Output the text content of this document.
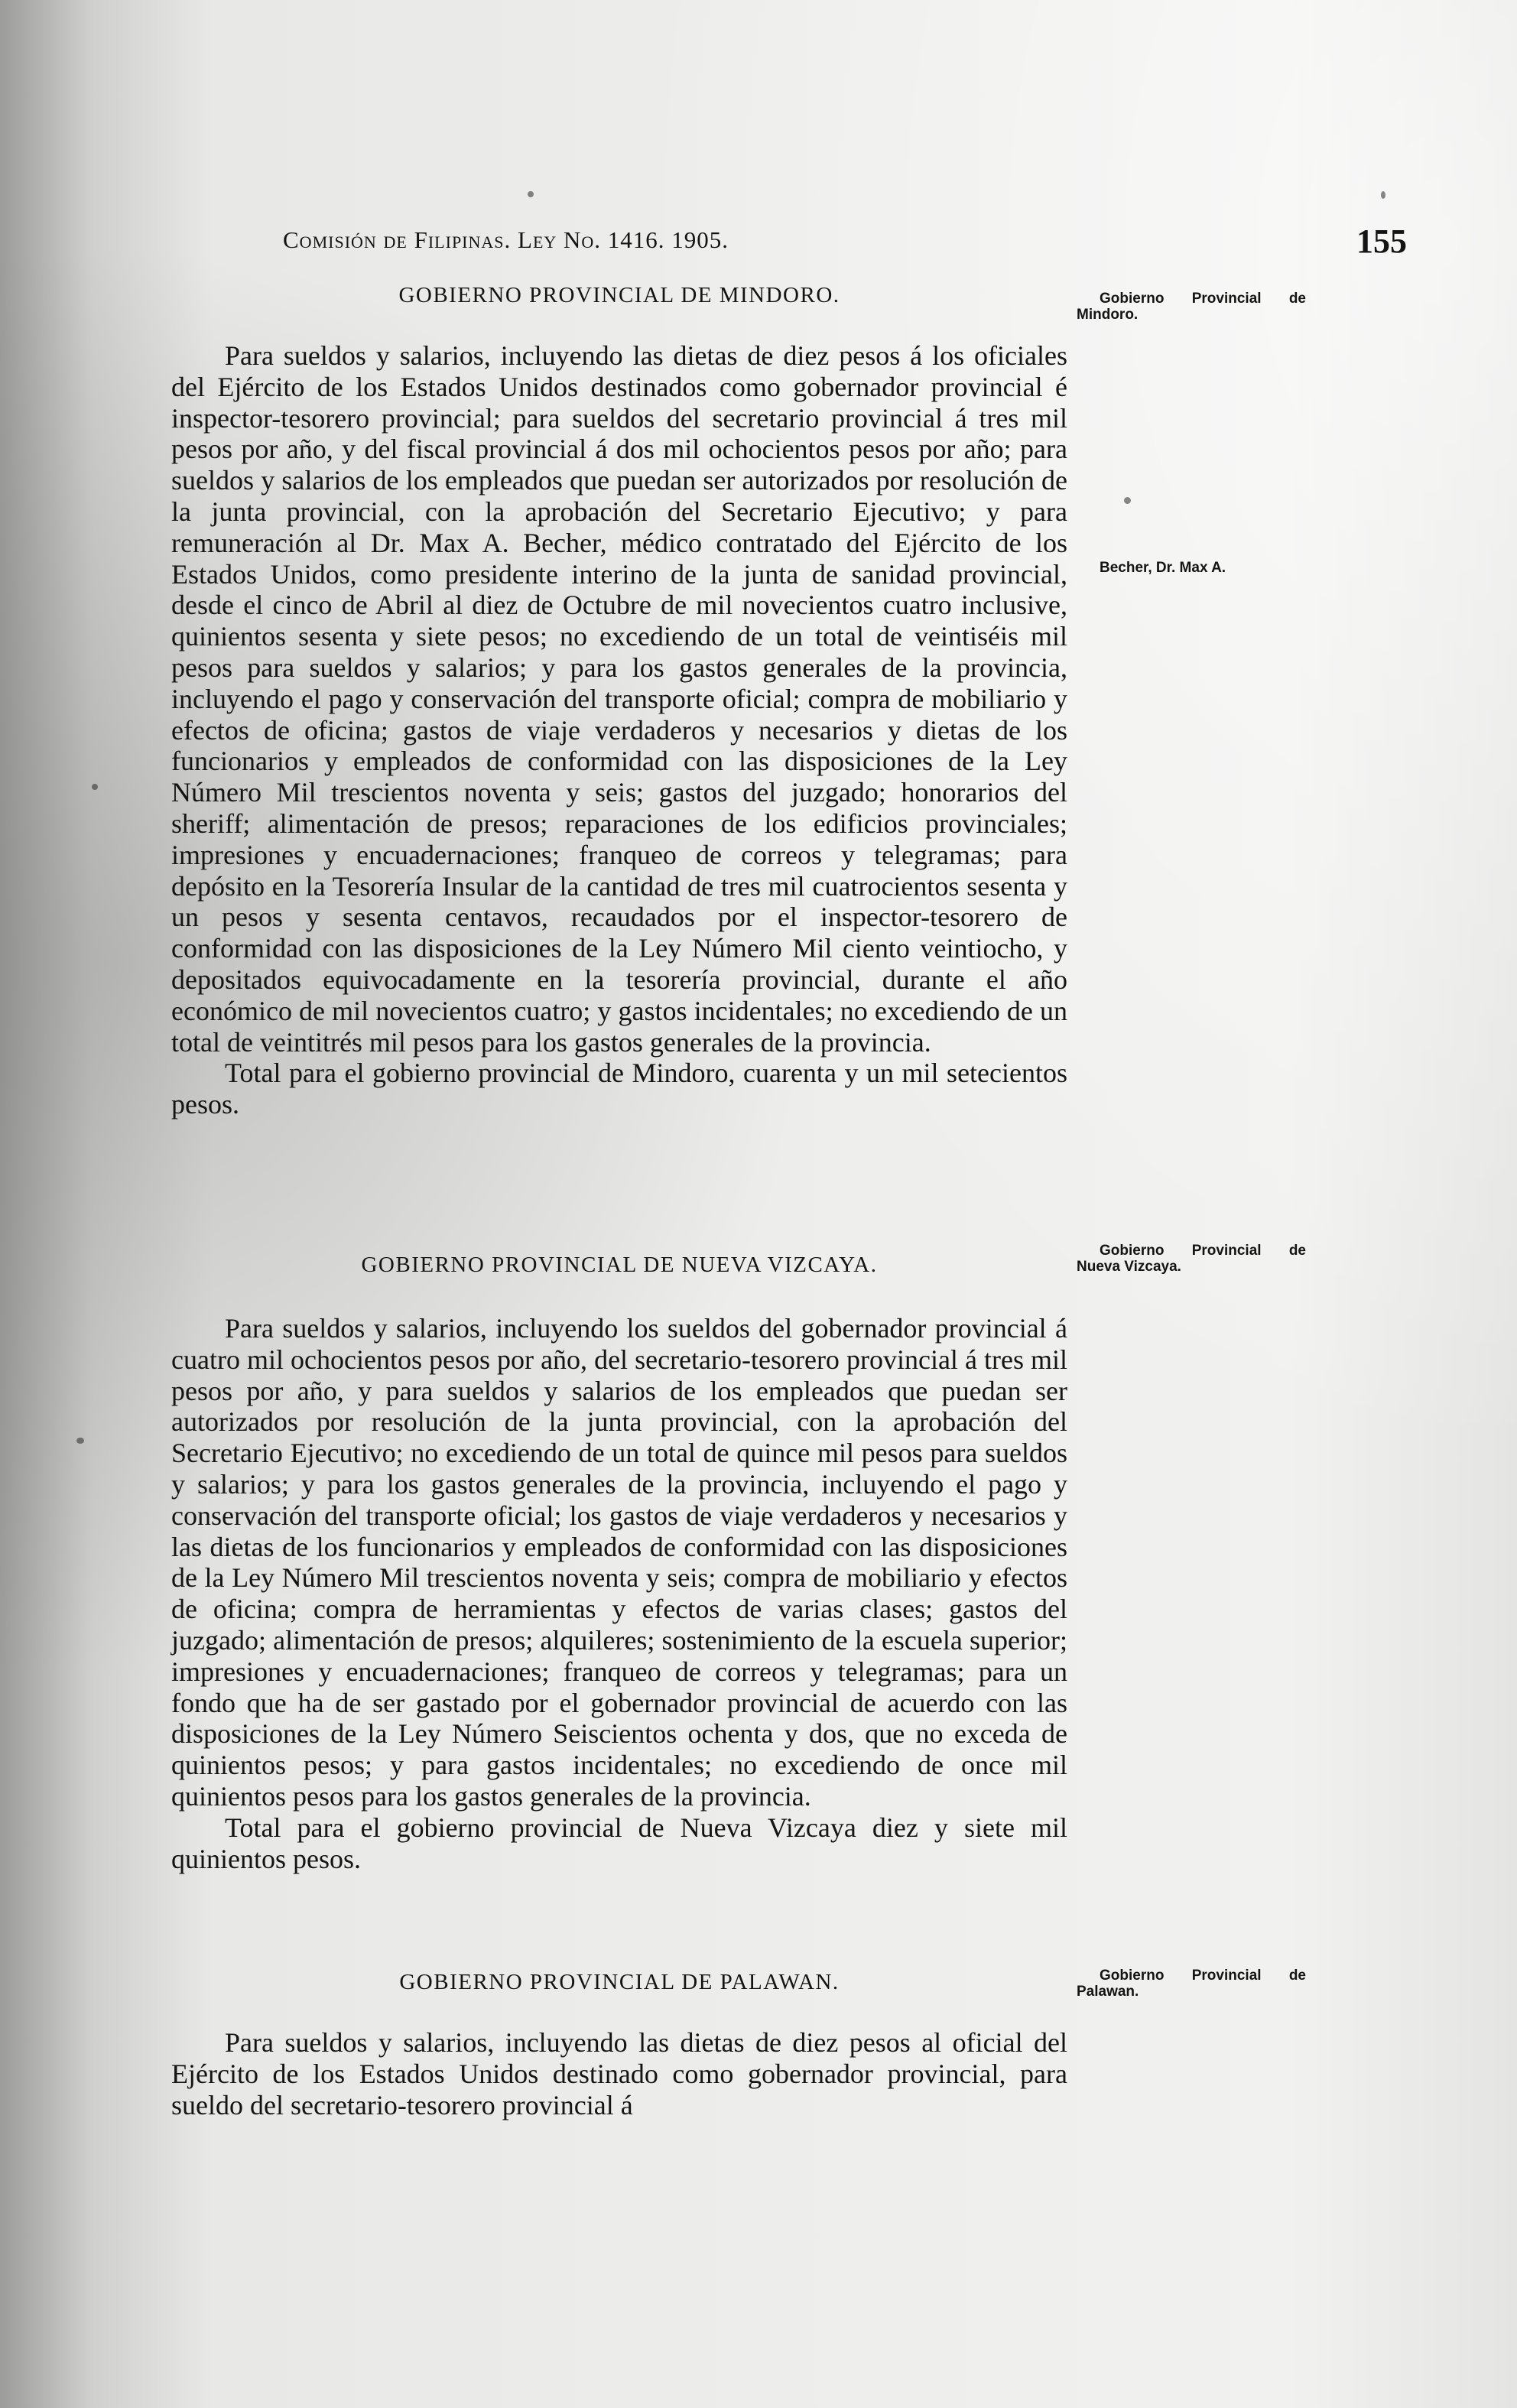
Comisión de Filipinas. Ley No. 1416. 1905.	155
GOBIERNO PROVINCIAL DE MINDORO.

Para sueldos y salarios, incluyendo las dietas de diez pesos á los oficiales del Ejército de los Estados Unidos destinados como gobernador provincial é inspector-tesorero provincial; para sueldos del secretario provincial á tres mil pesos por año, y del fiscal provincial á dos mil ochocientos pesos por año; para sueldos y salarios de los empleados que puedan ser autorizados por resolución de la junta provincial, con la aprobación del Secretario Ejecutivo; y para remuneración al Dr. Max A. Becher, médico contratado del Ejército de los Estados Unidos, como presidente interino de la junta de sanidad provincial, desde el cinco de Abril al diez de Octubre de mil novecientos cuatro inclusive, quinientos sesenta y siete pesos; no excediendo de un total de veintiséis mil pesos para sueldos y salarios; y para los gastos generales de la provincia, incluyendo el pago y conservación del transporte oficial; compra de mobiliario y efectos de oficina; gastos de viaje verdaderos y necesarios y dietas de los funcionarios y empleados de conformidad con las disposiciones de la Ley Número Mil trescientos noventa y seis; gastos del juzgado; honorarios del sheriff; alimentación de presos; reparaciones de los edificios provinciales; impresiones y encuadernaciones; franqueo de correos y telegramas; para depósito en la Tesorería Insular de la cantidad de tres mil cuatrocientos sesenta y un pesos y sesenta centavos, recaudados por el inspector-tesorero de conformidad con las disposiciones de la Ley Número Mil ciento veintiocho, y depositados equivocadamente en la tesorería provincial, durante el año económico de mil novecientos cuatro; y gastos incidentales; no excediendo de un total de veintitrés mil pesos para los gastos generales de la provincia.

Total para el gobierno provincial de Mindoro, cuarenta y un mil setecientos pesos.

Gobierno Provincial de Mindoro.
Becher, Dr. Max A.
GOBIERNO PROVINCIAL DE NUEVA VIZCAYA.

Para sueldos y salarios, incluyendo los sueldos del gobernador provincial á cuatro mil ochocientos pesos por año, del secretario-tesorero provincial á tres mil pesos por año, y para sueldos y salarios de los empleados que puedan ser autorizados por resolución de la junta provincial, con la aprobación del Secretario Ejecutivo; no excediendo de un total de quince mil pesos para sueldos y salarios; y para los gastos generales de la provincia, incluyendo el pago y conservación del transporte oficial; los gastos de viaje verdaderos y necesarios y las dietas de los funcionarios y empleados de conformidad con las disposiciones de la Ley Número Mil trescientos noventa y seis; compra de mobiliario y efectos de oficina; compra de herramientas y efectos de varias clases; gastos del juzgado; alimentación de presos; alquileres; sostenimiento de la escuela superior; impresiones y encuadernaciones; franqueo de correos y telegramas; para un fondo que ha de ser gastado por el gobernador provincial de acuerdo con las disposiciones de la Ley Número Seiscientos ochenta y dos, que no exceda de quinientos pesos; y para gastos incidentales; no excediendo de once mil quinientos pesos para los gastos generales de la provincia.

Total para el gobierno provincial de Nueva Vizcaya diez y siete mil quinientos pesos.

Gobierno Provincial de Nueva Vizcaya.
GOBIERNO PROVINCIAL DE PALAWAN.

Para sueldos y salarios, incluyendo las dietas de diez pesos al oficial del Ejército de los Estados Unidos destinado como gobernador provincial, para sueldo del secretario-tesorero provincial á

Gobierno Provincial de Palawan.
